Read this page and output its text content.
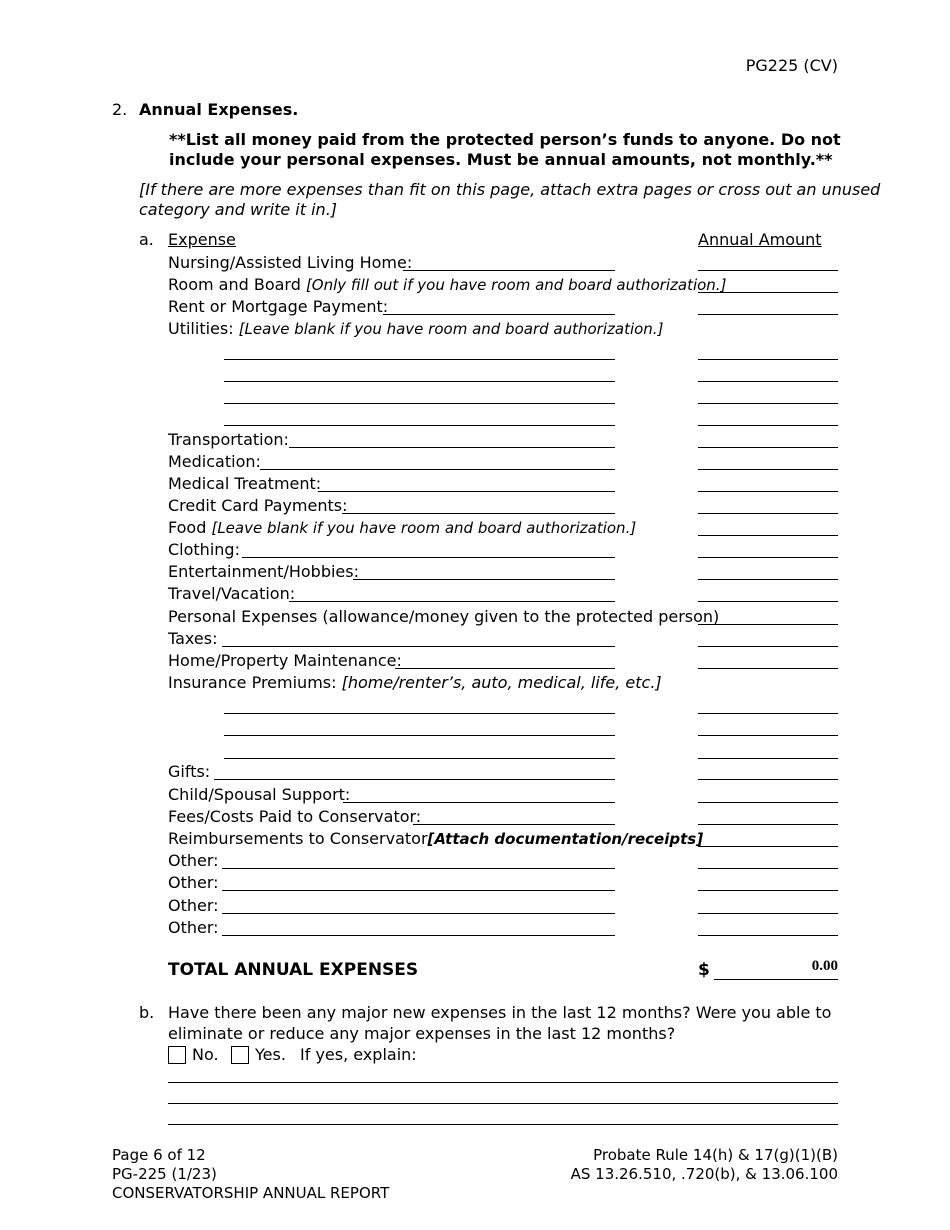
PG225 (CV)
2. Annual Expenses.
**List all money paid from the protected person’s funds to anyone. Do not
include your personal expenses. Must be annual amounts, not monthly.**
[If there are more expenses than fit on this page, attach extra pages or cross out an unused
category and write it in.]
a. Expense	Annual Amount
Nursing/Assisted Living Home:
Room and Board [Only fill out if you have room and board authorization.]
Rent or Mortgage Payment:
Utilities: [Leave blank if you have room and board authorization.]
Transportation:
Medication:
Medical Treatment:
Credit Card Payments:
Food [Leave blank if you have room and board authorization.]
Clothing:
Entertainment/Hobbies:
Travel/Vacation:
Personal Expenses (allowance/money given to the protected person)
Taxes:
Home/Property Maintenance:
Insurance Premiums: [home/renter’s, auto, medical, life, etc.]
Gifts:
Child/Spousal Support:
Fees/Costs Paid to Conservator:
Reimbursements to Conservator[Attach documentation/receipts]
Other:
Other:
Other:
Other:
TOTAL ANNUAL EXPENSES	$	0.00
b. Have there been any major new expenses in the last 12 months? Were you able to
eliminate or reduce any major expenses in the last 12 months?
No. Yes. If yes, explain:
Page 6 of 12
PG-225 (1/23)
CONSERVATORSHIP ANNUAL REPORT
Probate Rule 14(h) & 17(g)(1)(B)
AS 13.26.510, .720(b), & 13.06.100
